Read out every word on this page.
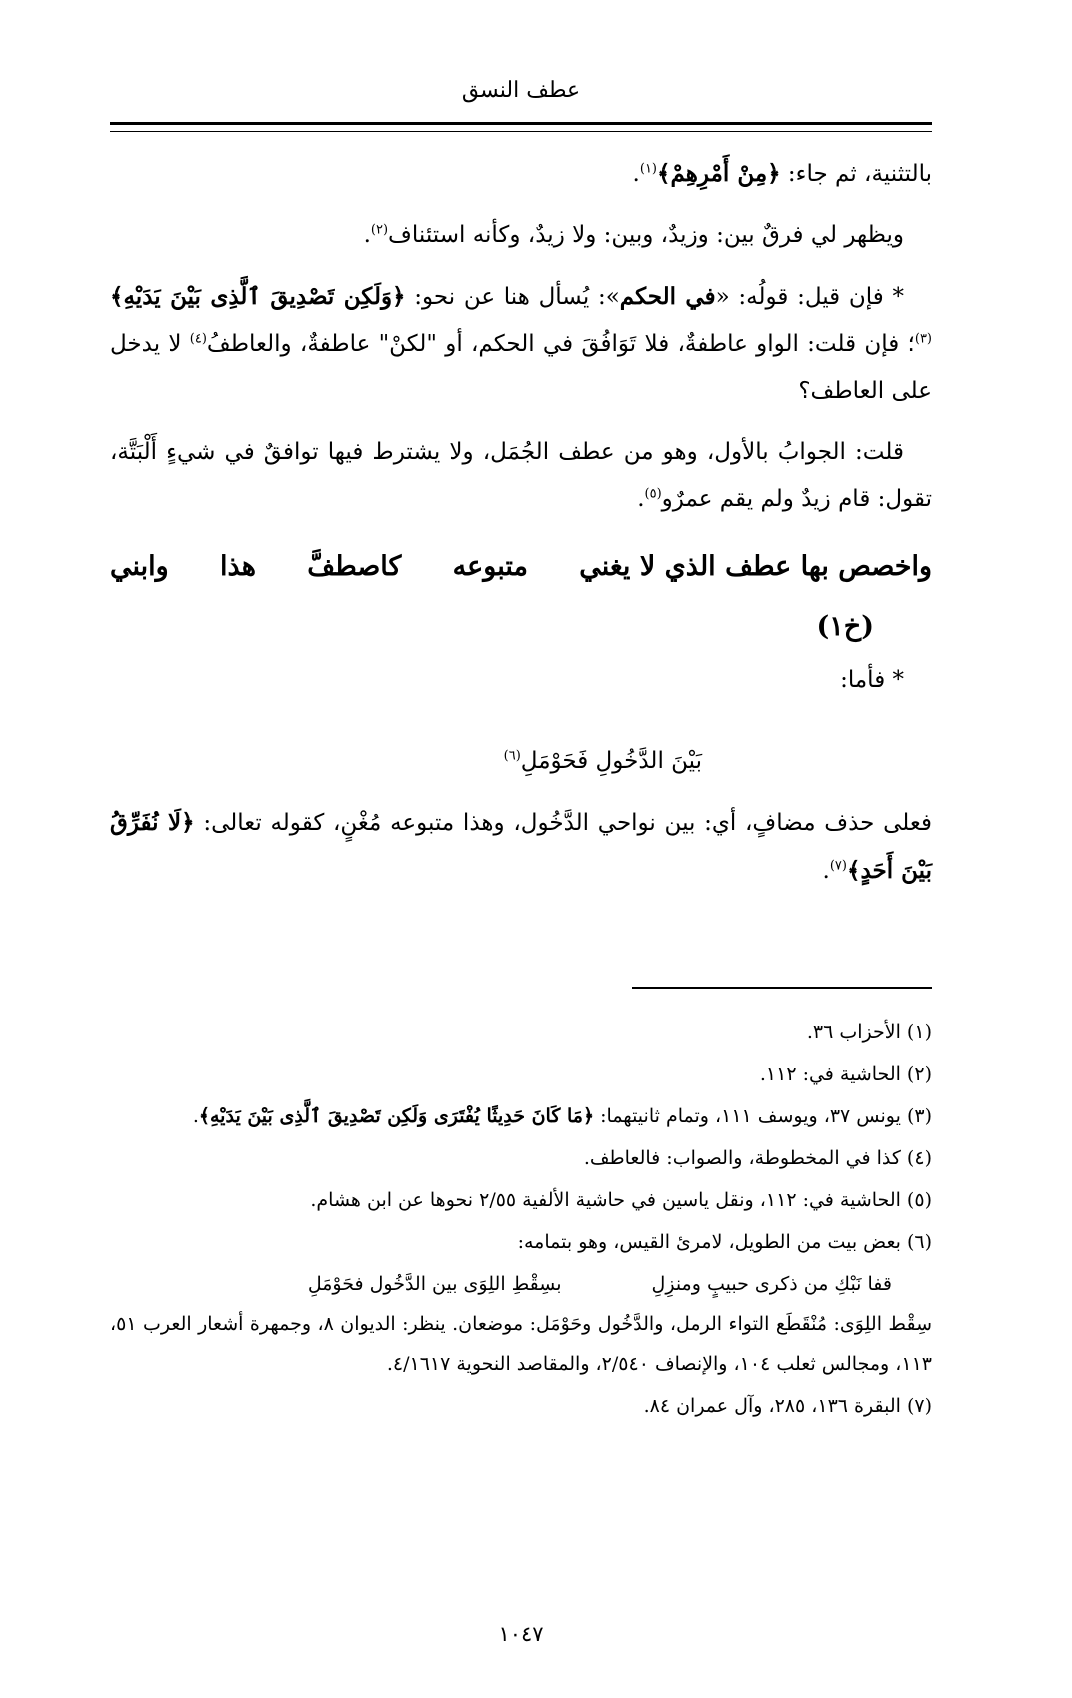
عطف النسق

بالتثنية، ثم جاء: ﴿مِنْ أَمْرِهِمْ﴾$^{(١)}$.

ويظهر لي فرقٌ بين: وزيدٌ، وبين: ولا زيدٌ، وكأنه استئناف$^{(٢)}$.

* فإن قيل: قولُه: «في الحكم»: يُسأل هنا عن نحو: ﴿وَلَكِن تَصْدِيقَ ٱلَّذِى بَيْنَ يَدَيْهِ﴾$^{(٣)}$؛ فإن قلت: الواو عاطفةٌ، فلا تَوَافُقَ في الحكم، أو "لكنْ" عاطفةٌ، والعاطفُ$^{(٤)}$ لا يدخل على العاطف؟

قلت: الجوابُ بالأول، وهو من عطف الجُمَل، ولا يشترط فيها توافقٌ في شيءٍ أَلْبَتَّة، تقول: قام زيدٌ ولم يقم عمرٌو$^{(٥)}$.

واخصص بها عطف الذي لا يغني
متبوعه
كاصطفَّ
هذا
وابني
(خ١)

* فأما:

بَيْنَ الدَّخُولِ فَحَوْمَلِ$^{(٦)}$

فعلى حذف مضافٍ، أي: بين نواحي الدَّخُول، وهذا متبوعه مُغْنٍ، كقوله تعالى: ﴿لَا نُفَرِّقُ بَيْنَ أَحَدٍ﴾$^{(٧)}$.

(١) الأحزاب ٣٦.

(٢) الحاشية في: ١١٢.

(٣) يونس ٣٧، ويوسف ١١١، وتمام ثانيتهما: ﴿مَا كَانَ حَدِيثًا يُفْتَرَى وَلَكِن تَصْدِيقَ ٱلَّذِى بَيْنَ يَدَيْهِ﴾.

(٤) كذا في المخطوطة، والصواب: فالعاطف.

(٥) الحاشية في: ١١٢، ونقل ياسين في حاشية الألفية ٢/٥٥ نحوها عن ابن هشام.

(٦) بعض بيت من الطويل، لامرئ القيس، وهو بتمامه:

قفا نَبْكِ من ذكرى حبيبٍ ومنزِلِ
بسِقْطِ اللِوَى بين الدَّخُول فحَوْمَلِ

سِقْط اللِوَى: مُنْقَطَع التواء الرمل، والدَّخُول وحَوْمَل: موضعان. ينظر: الديوان ٨، وجمهرة أشعار العرب ٥١، ١١٣، ومجالس ثعلب ١٠٤، والإنصاف ٢/٥٤٠، والمقاصد النحوية ٤/١٦١٧.

(٧) البقرة ١٣٦، ٢٨٥، وآل عمران ٨٤.

١٠٤٧
